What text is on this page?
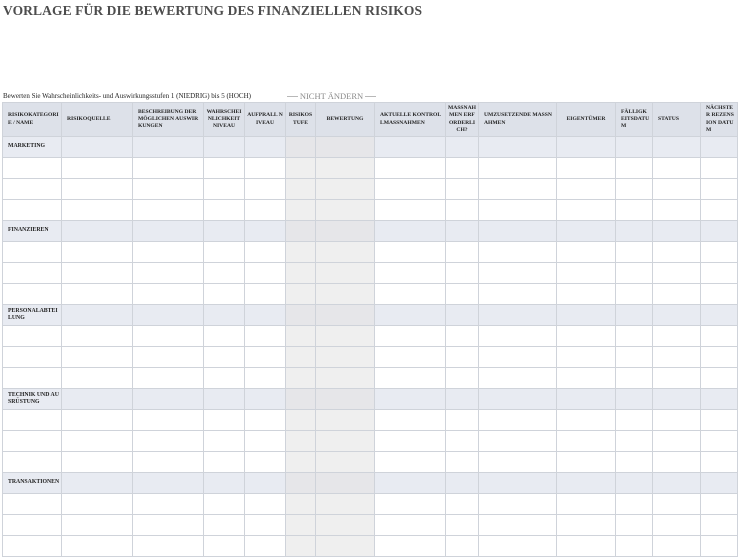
VORLAGE FÜR DIE BEWERTUNG DES FINANZIELLEN RISIKOS
Bewerten Sie Wahrscheinlichkeits- und Auswirkungsstufen 1 (NIEDRIG) bis 5 (HOCH)	NICHT ÄNDERN
RISIKOKATEGORIE / NAME	RISIKOQUELLE	BESCHREIBUNG DER MÖGLICHEN AUSWIRKUNGEN	WAHRSCHEINLICHKEITNIVEAU	AUFPRALL NIVEAU	RISIKOSTUFE	BEWERTUNG	AKTUELLE KONTROLLMASSNAHMEN	MASSNAHMEN ERFORDERLICH?	UMZUSETZENDE MASSNAHMEN	EIGENTÜMER	FÄLLIGKEITSDATUM	STATUS	NÄCHSTER REZENSION DATUM
MARKETING													

FINANZIEREN													

PERSONALABTEILUNG													

TECHNIK UND AUSRÜSTUNG													

TRANSAKTIONEN													
